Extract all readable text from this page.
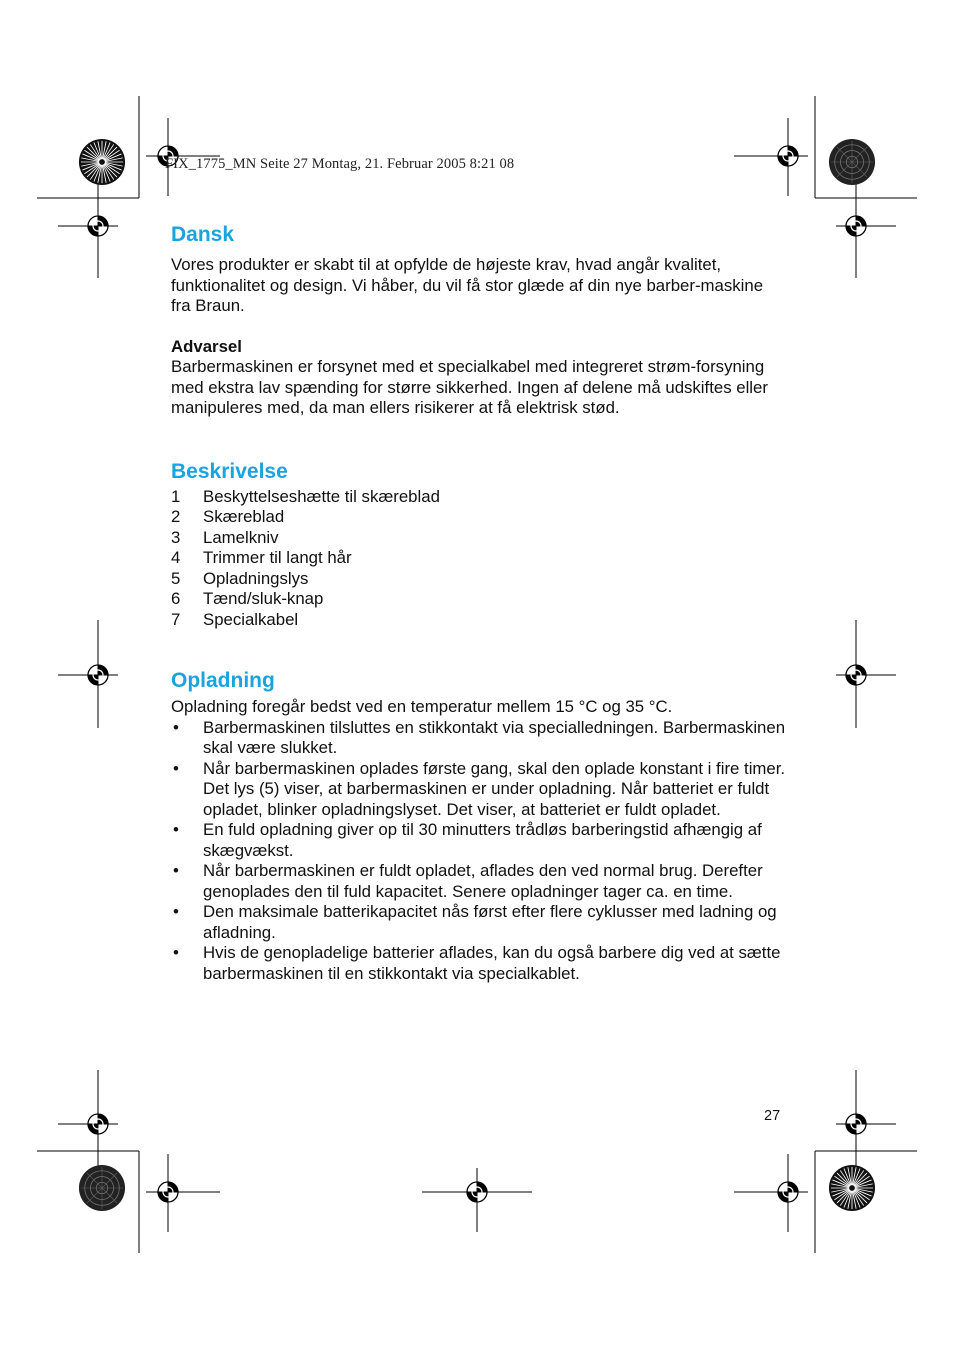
FIX_1775_MN Seite 27 Montag, 21. Februar 2005 8:21 08
Dansk

Vores produkter er skabt til at opfylde de højeste krav, hvad angår kvalitet, funktionalitet og design. Vi håber, du vil få stor glæde af din nye barber-maskine fra Braun.

Advarsel

Barbermaskinen er forsynet med et specialkabel med integreret strøm-forsyning med ekstra lav spænding for større sikkerhed. Ingen af delene må udskiftes eller manipuleres med, da man ellers risikerer at få elektrisk stød.

Beskrivelse
1 Beskyttelseshætte til skæreblad
2 Skæreblad
3 Lamelkniv
4 Trimmer til langt hår
5 Opladningslys
6 Tænd/sluk-knap
7 Specialkabel
Opladning

Opladning foregår bedst ved en temperatur mellem 15 °C og 35 °C.

• Barbermaskinen tilsluttes en stikkontakt via specialledningen. Barbermaskinen skal være slukket.
• Når barbermaskinen oplades første gang, skal den oplade konstant i fire timer. Det lys (5) viser, at barbermaskinen er under opladning. Når batteriet er fuldt opladet, blinker opladningslyset. Det viser, at batteriet er fuldt opladet.
• En fuld opladning giver op til 30 minutters trådløs barberingstid afhængig af skægvækst.
• Når barbermaskinen er fuldt opladet, aflades den ved normal brug. Derefter genoplades den til fuld kapacitet. Senere opladninger tager ca. en time.
• Den maksimale batterikapacitet nås først efter flere cyklusser med ladning og afladning.
• Hvis de genopladelige batterier aflades, kan du også barbere dig ved at sætte barbermaskinen til en stikkontakt via specialkablet.
27
